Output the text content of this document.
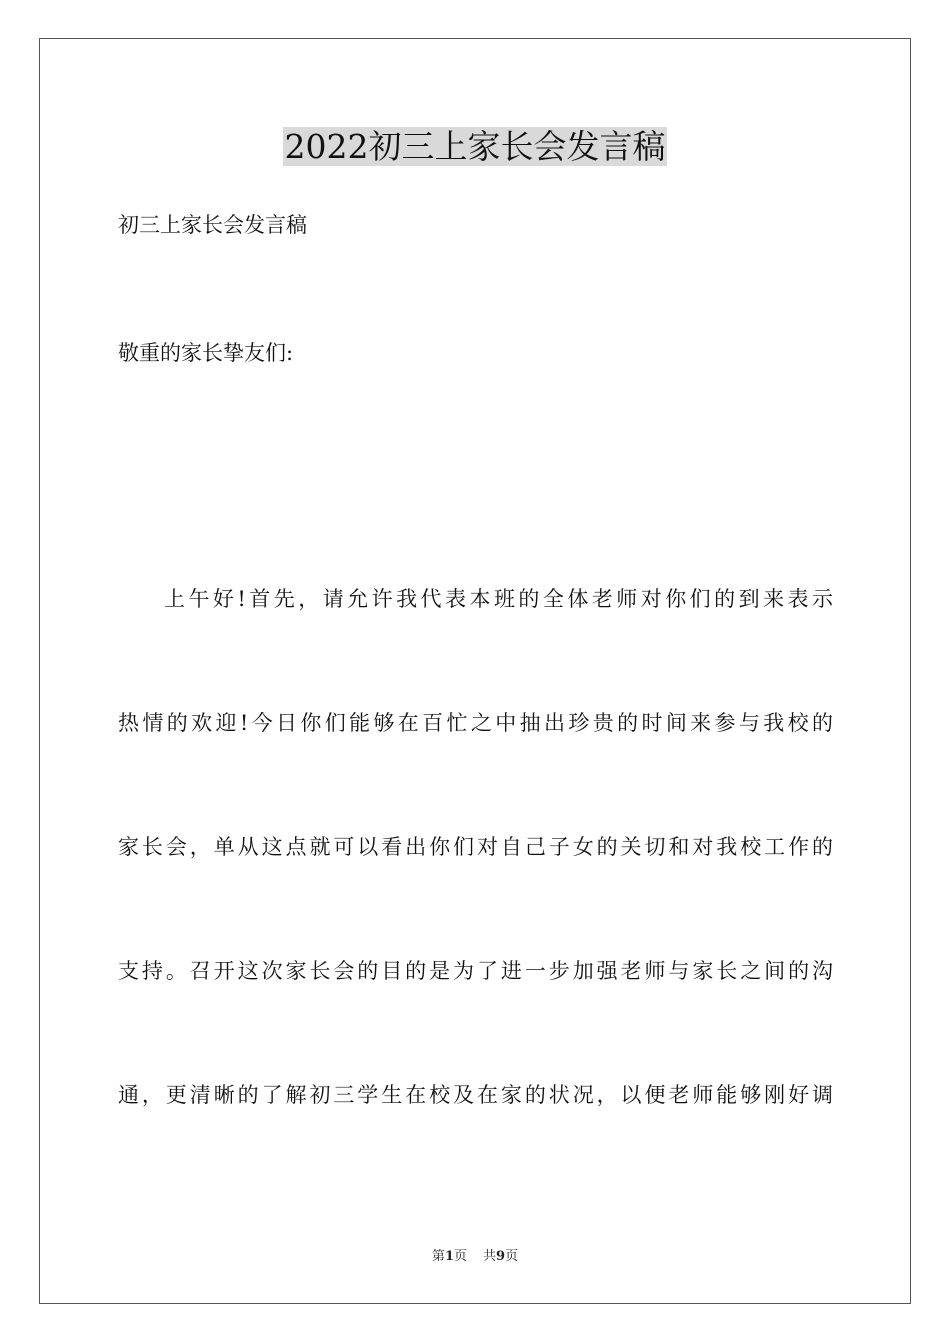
2022初三上家长会发言稿
初三上家长会发言稿
敬重的家长挚友们:
上午好!首先，请允许我代表本班的全体老师对你们的到来表示
热情的欢迎!今日你们能够在百忙之中抽出珍贵的时间来参与我校的
家长会，单从这点就可以看出你们对自己子女的关切和对我校工作的
支持。召开这次家长会的目的是为了进一步加强老师与家长之间的沟
通，更清晰的了解初三学生在校及在家的状况，以便老师能够刚好调
第1页 共9页
